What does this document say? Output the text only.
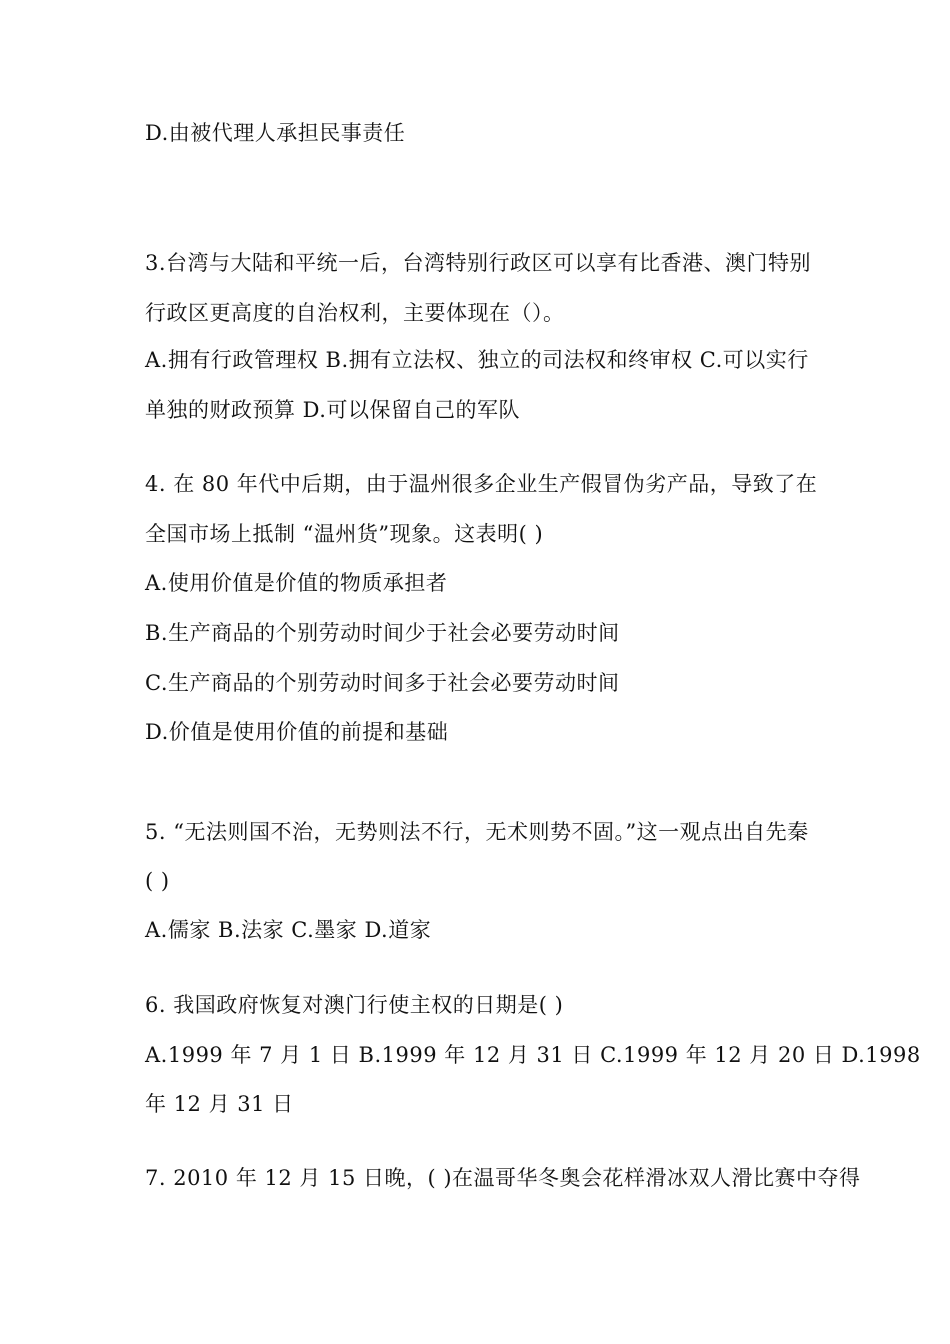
D.由被代理人承担民事责任
3.台湾与大陆和平统一后，台湾特别行政区可以享有比香港、澳门特别
行政区更高度的自治权利，主要体现在（）。
A.拥有行政管理权 B.拥有立法权、独立的司法权和终审权 C.可以实行
单独的财政预算 D.可以保留自己的军队
4. 在 80 年代中后期，由于温州很多企业生产假冒伪劣产品，导致了在
全国市场上抵制 “温州货”现象。这表明( )
A.使用价值是价值的物质承担者
B.生产商品的个别劳动时间少于社会必要劳动时间
C.生产商品的个别劳动时间多于社会必要劳动时间
D.价值是使用价值的前提和基础
5. “无法则国不治，无势则法不行，无术则势不固。”这一观点出自先秦
( )
A.儒家 B.法家 C.墨家 D.道家
6. 我国政府恢复对澳门行使主权的日期是( )
A.1999 年 7 月 1 日 B.1999 年 12 月 31 日 C.1999 年 12 月 20 日 D.1998
年 12 月 31 日
7. 2010 年 12 月 15 日晚，( )在温哥华冬奥会花样滑冰双人滑比赛中夺得
